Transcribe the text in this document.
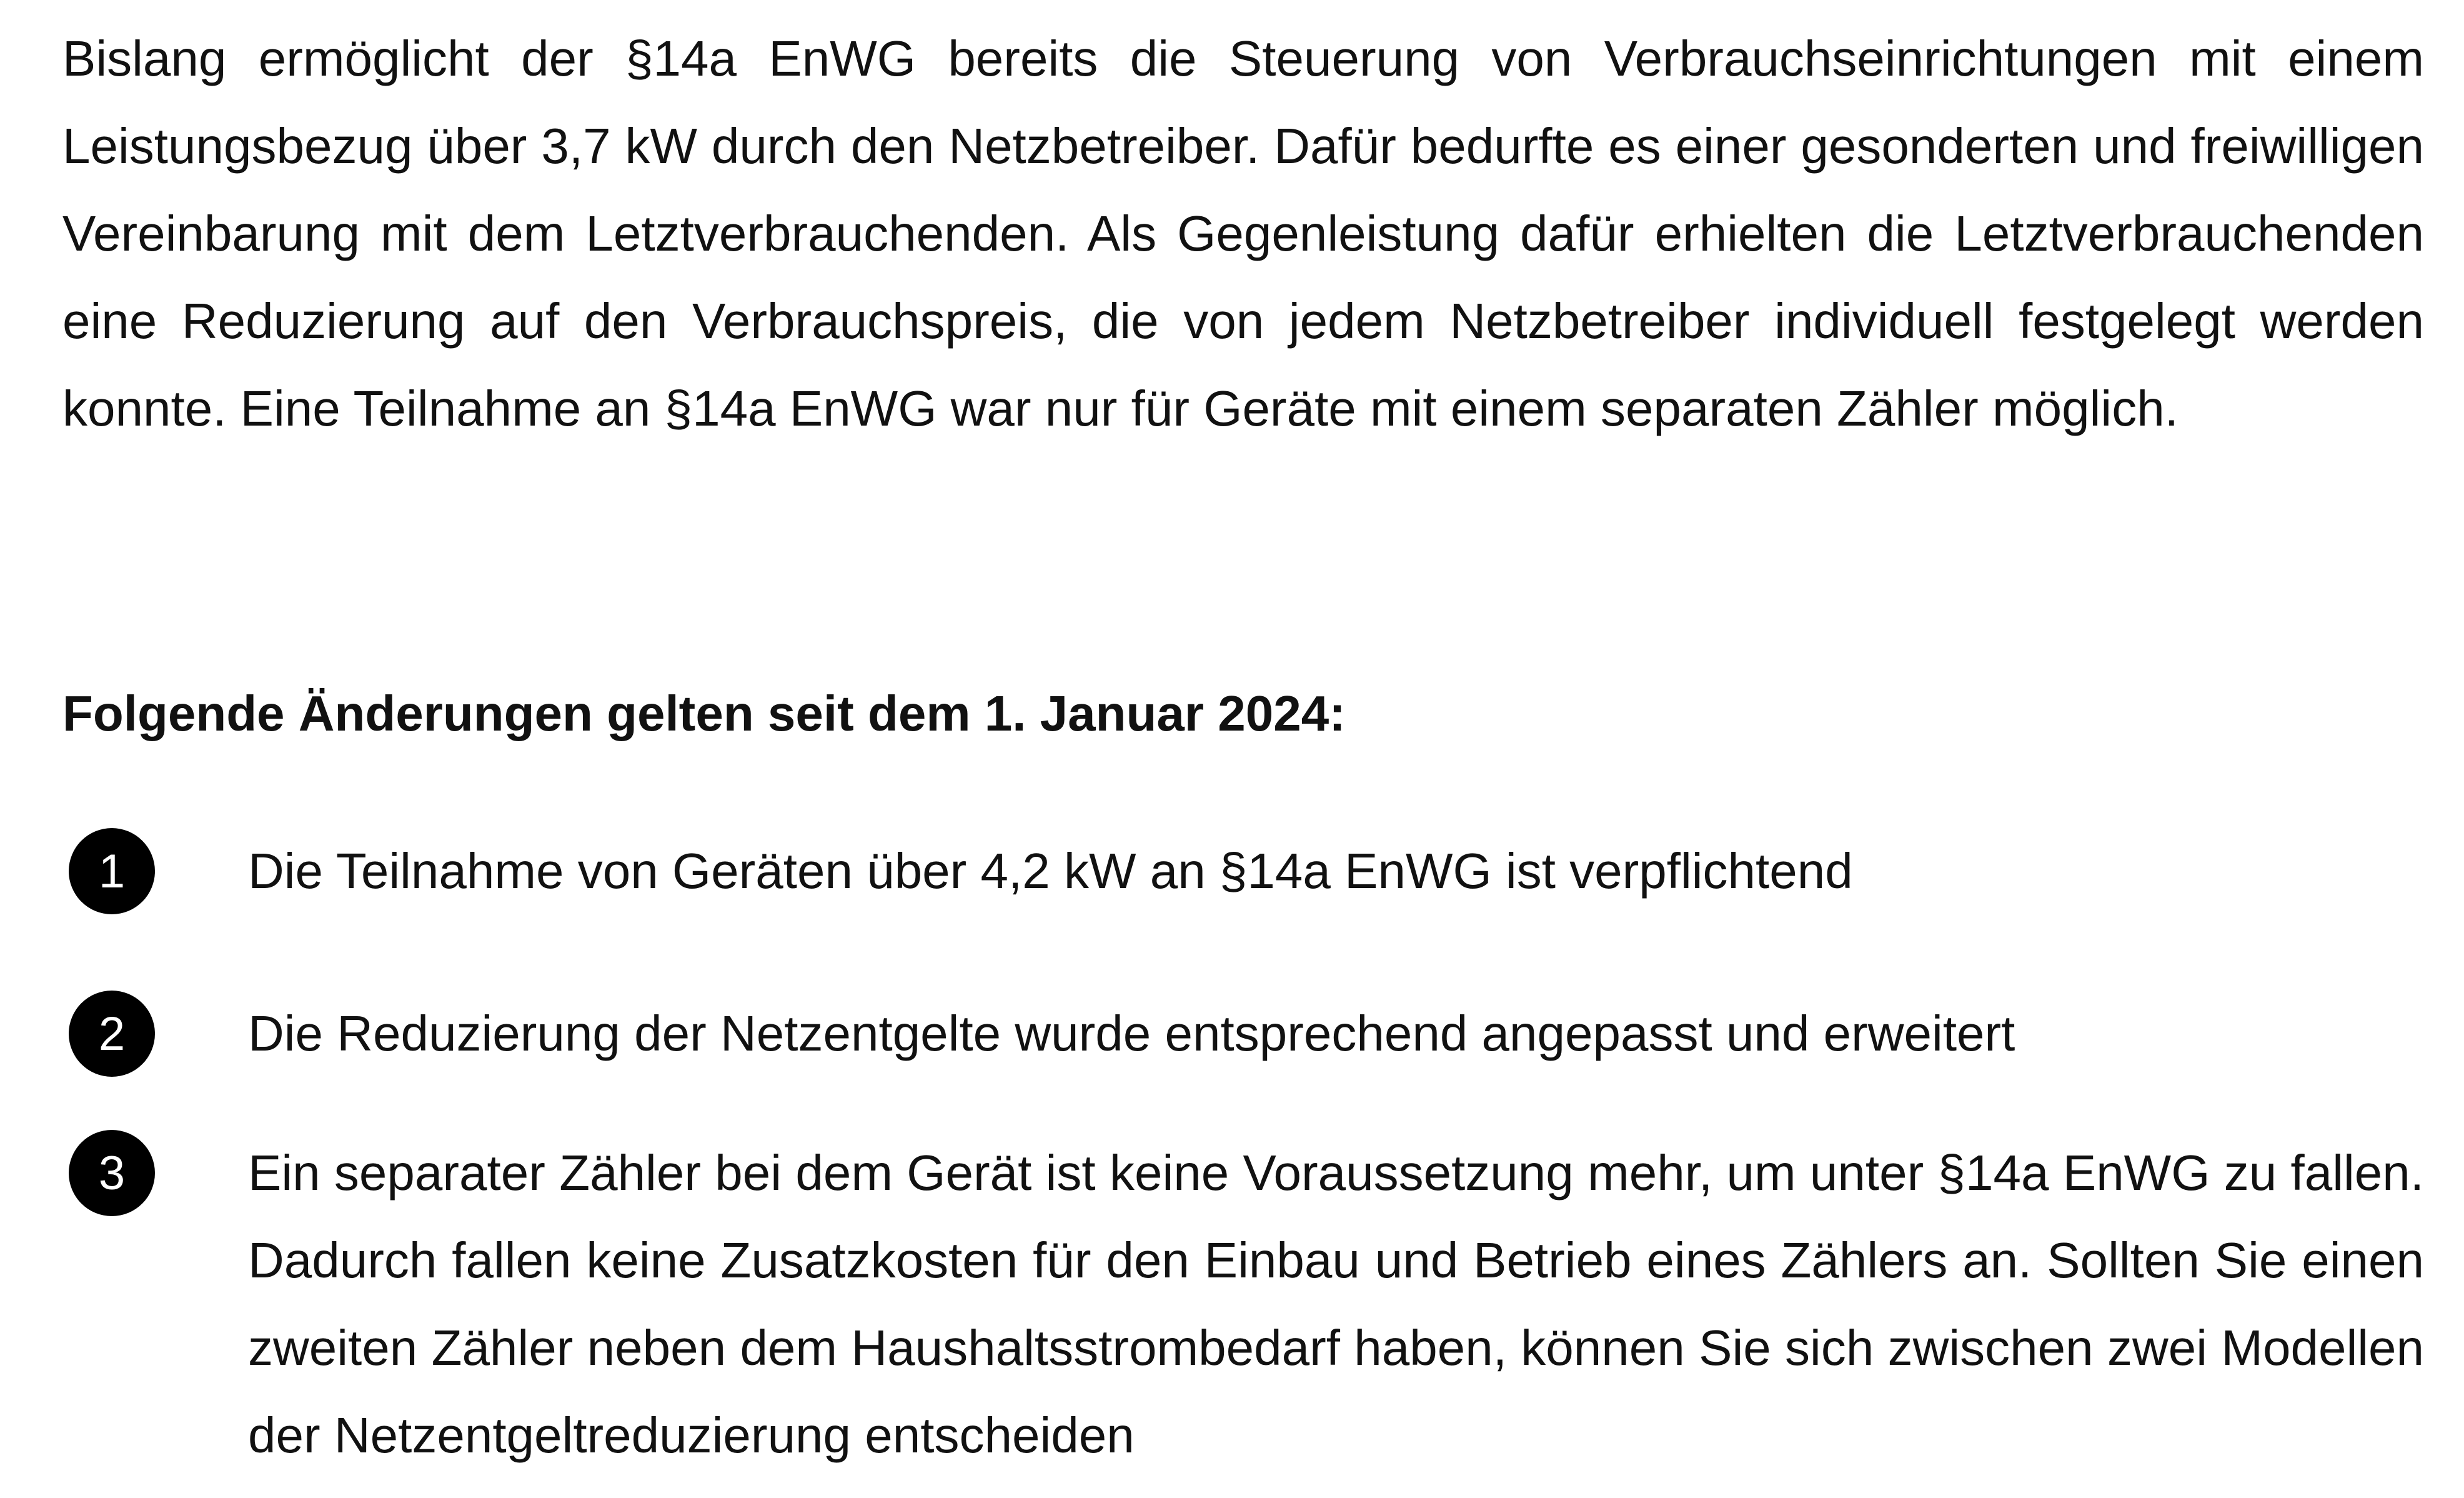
Bislang ermöglicht der §14a EnWG bereits die Steuerung von Verbrauchseinrichtungen mit einem Leistungsbezug über 3,7 kW durch den Netzbetreiber. Dafür bedurfte es einer gesonderten und freiwilligen Vereinbarung mit dem Letztverbrauchenden. Als Gegenleistung dafür erhielten die Letztverbrauchenden eine Reduzierung auf den Verbrauchspreis, die von jedem Netzbetreiber individuell festgelegt werden konnte. Eine Teilnahme an §14a EnWG war nur für Geräte mit einem separaten Zähler möglich.

Folgende Änderungen gelten seit dem 1. Januar 2024:
1	Die Teilnahme von Geräten über 4,2 kW an §14a EnWG ist verpflichtend

2	Die Reduzierung der Netzentgelte wurde entsprechend angepasst und erweitert

3	Ein separater Zähler bei dem Gerät ist keine Voraussetzung mehr, um unter §14a EnWG zu fallen. Dadurch fallen keine Zusatzkosten für den Einbau und Betrieb eines Zählers an. Sollten Sie einen zweiten Zähler neben dem Haushaltsstrombedarf haben, können Sie sich zwischen zwei Modellen der Netzentgeltreduzierung entscheiden
